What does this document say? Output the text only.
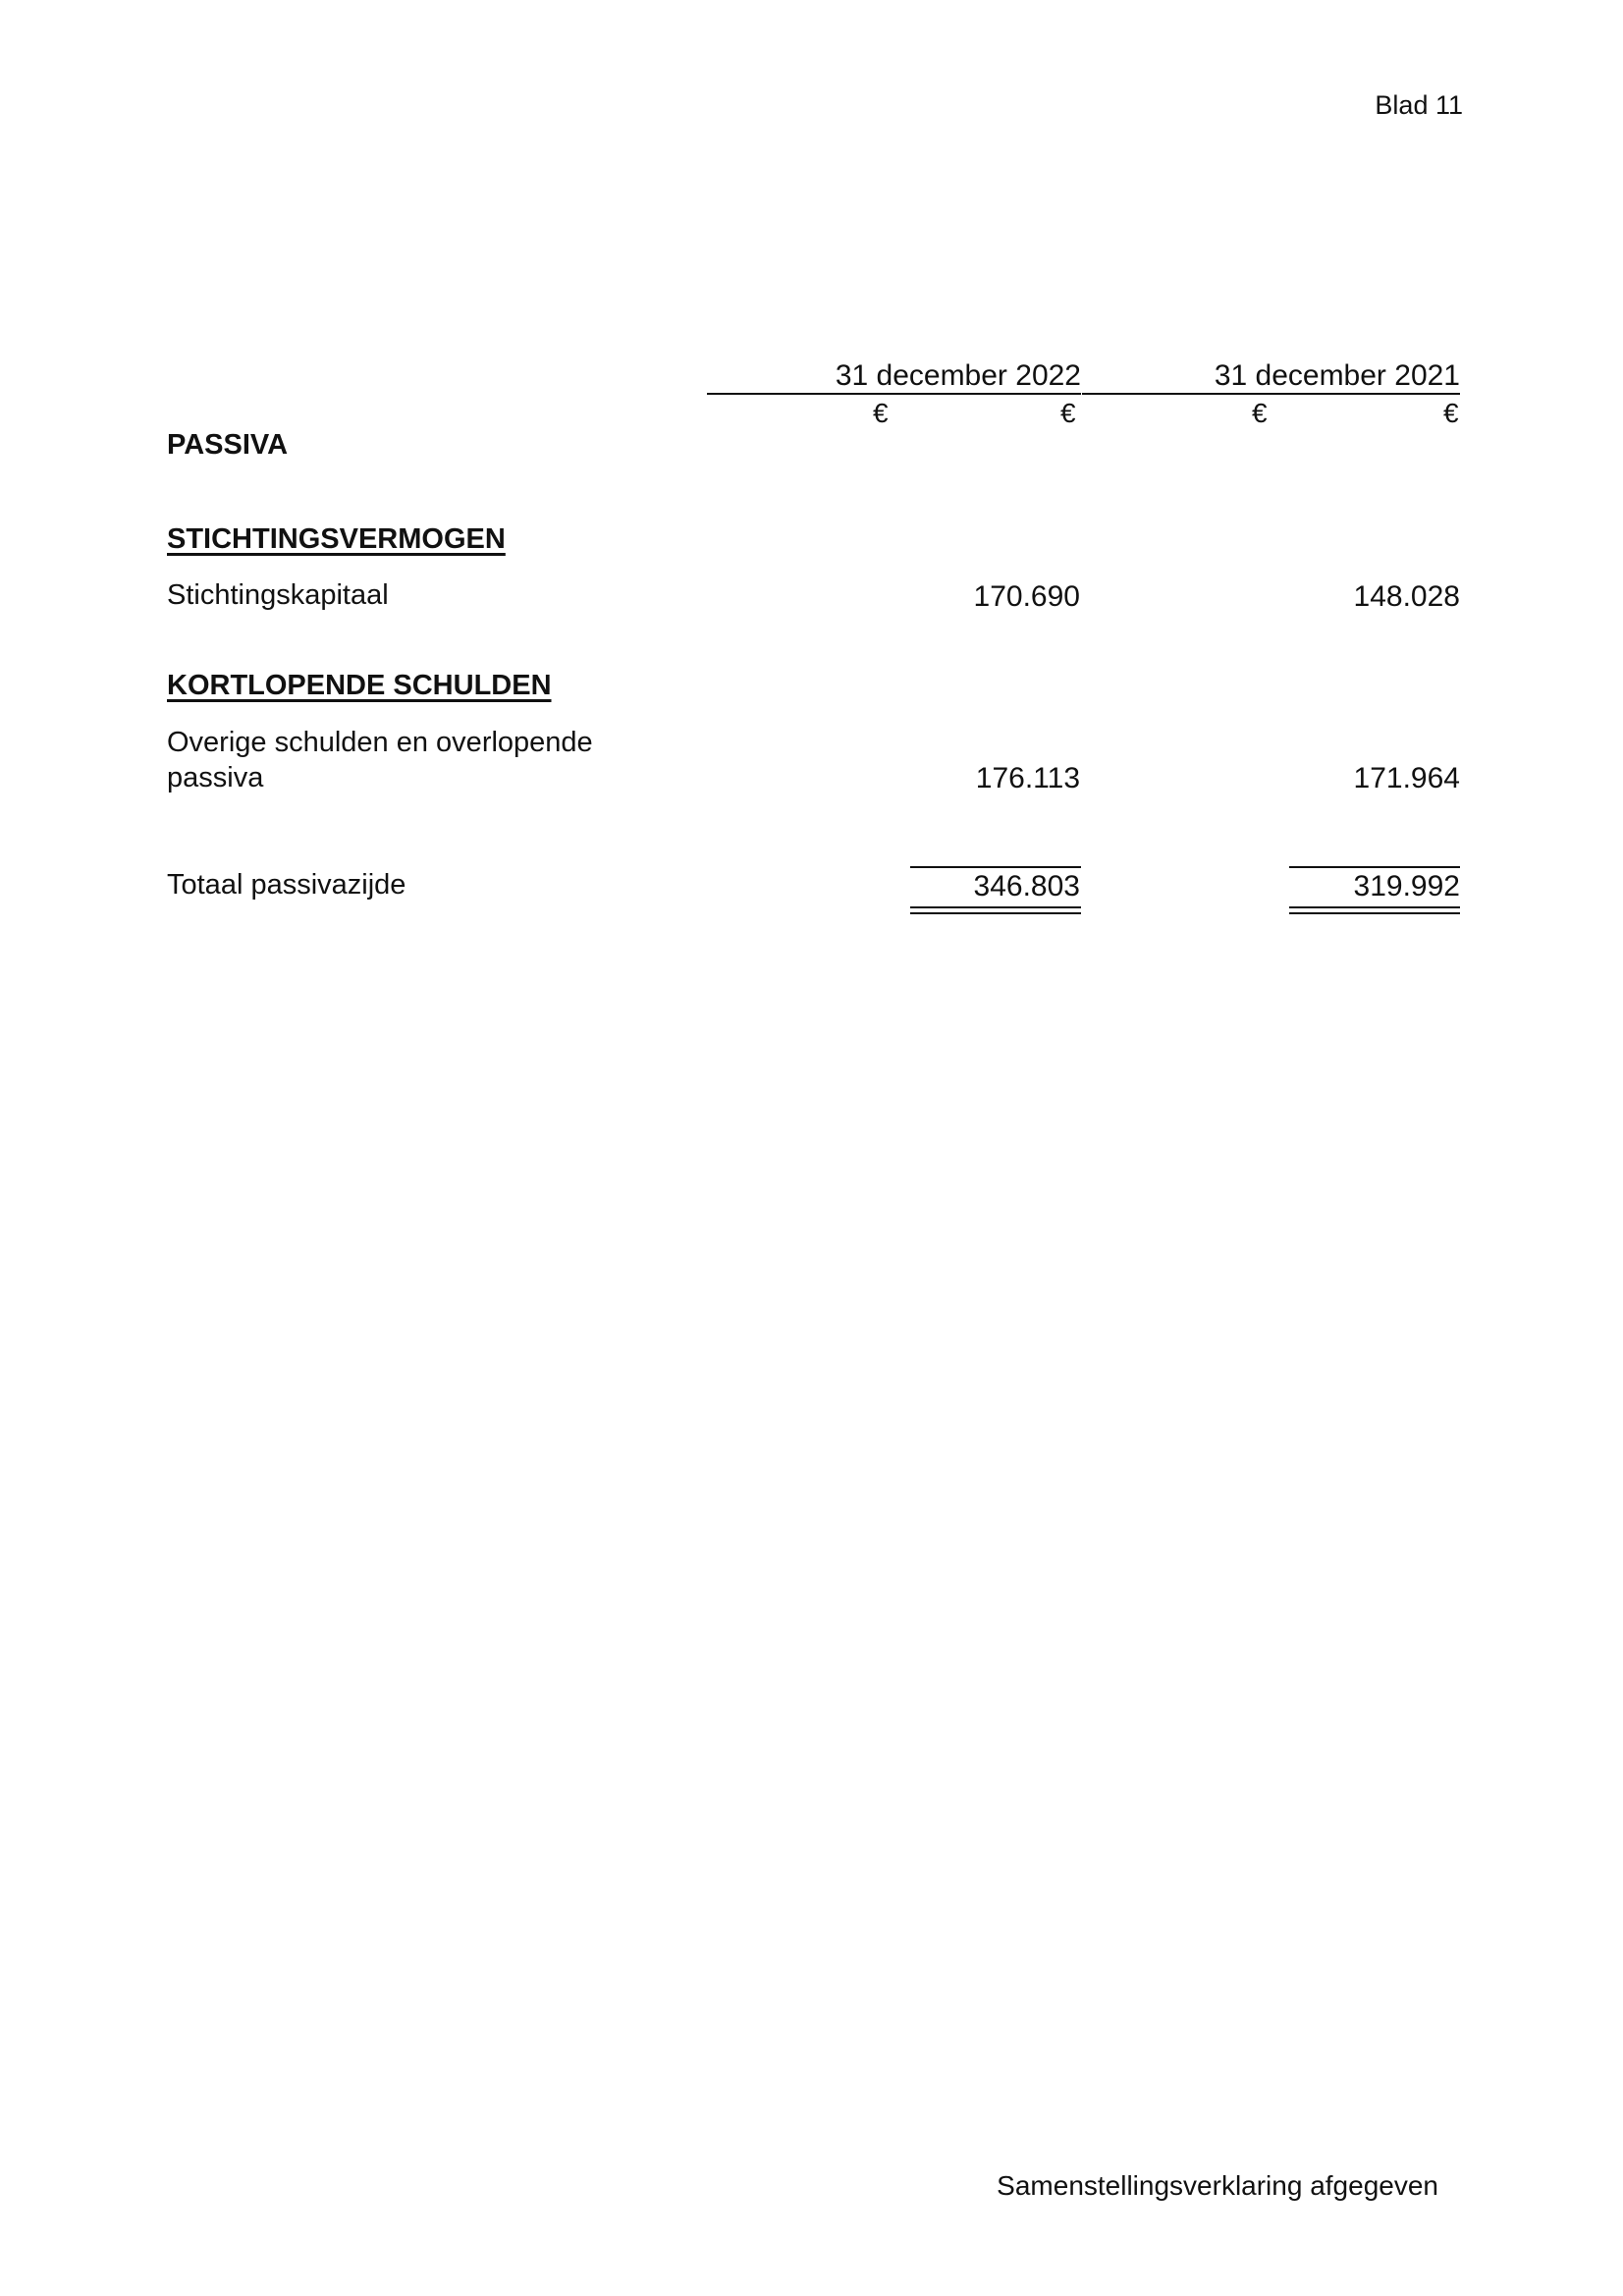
Blad 11
31 december 2022	31 december 2021
€	€	€	€
PASSIVA
STICHTINGSVERMOGEN
Stichtingskapitaal	170.690	148.028
KORTLOPENDE SCHULDEN
Overige schulden en overlopende passiva	176.113	171.964
Totaal passivazijde	346.803	319.992
Samenstellingsverklaring afgegeven
